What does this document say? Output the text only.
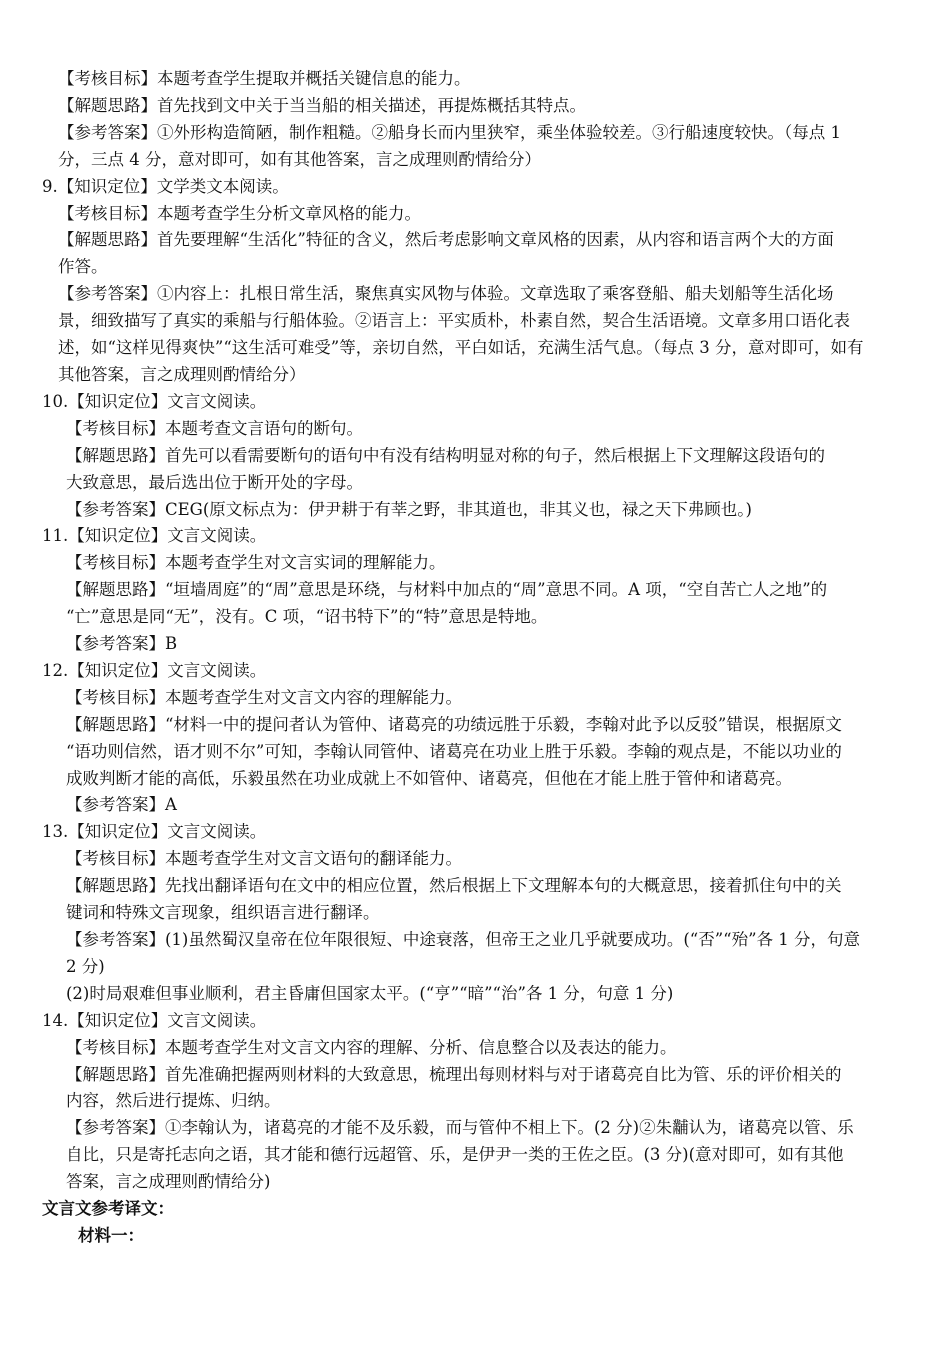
【考核目标】本题考查学生提取并概括关键信息的能力。
【解题思路】首先找到文中关于当当船的相关描述，再提炼概括其特点。
【参考答案】①外形构造简陋，制作粗糙。②船身长而内里狭窄，乘坐体验较差。③行船速度较快。（每点 1
分，三点 4 分，意对即可，如有其他答案，言之成理则酌情给分）
9.【知识定位】文学类文本阅读。
【考核目标】本题考查学生分析文章风格的能力。
【解题思路】首先要理解“生活化”特征的含义，然后考虑影响文章风格的因素，从内容和语言两个大的方面
作答。
【参考答案】①内容上：扎根日常生活，聚焦真实风物与体验。文章选取了乘客登船、船夫划船等生活化场
景，细致描写了真实的乘船与行船体验。②语言上：平实质朴，朴素自然，契合生活语境。文章多用口语化表
述，如“这样见得爽快”“这生活可难受”等，亲切自然，平白如话，充满生活气息。（每点 3 分，意对即可，如有
其他答案，言之成理则酌情给分）
10.【知识定位】文言文阅读。
【考核目标】本题考查文言语句的断句。
【解题思路】首先可以看需要断句的语句中有没有结构明显对称的句子，然后根据上下文理解这段语句的
大致意思，最后选出位于断开处的字母。
【参考答案】CEG(原文标点为：伊尹耕于有莘之野，非其道也，非其义也，禄之天下弗顾也。)
11.【知识定位】文言文阅读。
【考核目标】本题考查学生对文言实词的理解能力。
【解题思路】“垣墙周庭”的“周”意思是环绕，与材料中加点的“周”意思不同。A 项，“空自苦亡人之地”的
“亡”意思是同“无”，没有。C 项，“诏书特下”的“特”意思是特地。
【参考答案】B
12.【知识定位】文言文阅读。
【考核目标】本题考查学生对文言文内容的理解能力。
【解题思路】“材料一中的提问者认为管仲、诸葛亮的功绩远胜于乐毅，李翰对此予以反驳”错误，根据原文
“语功则信然，语才则不尔”可知，李翰认同管仲、诸葛亮在功业上胜于乐毅。李翰的观点是，不能以功业的
成败判断才能的高低，乐毅虽然在功业成就上不如管仲、诸葛亮，但他在才能上胜于管仲和诸葛亮。
【参考答案】A
13.【知识定位】文言文阅读。
【考核目标】本题考查学生对文言文语句的翻译能力。
【解题思路】先找出翻译语句在文中的相应位置，然后根据上下文理解本句的大概意思，接着抓住句中的关
键词和特殊文言现象，组织语言进行翻译。
【参考答案】(1)虽然蜀汉皇帝在位年限很短、中途衰落，但帝王之业几乎就要成功。(“否”“殆”各 1 分，句意
2 分)
(2)时局艰难但事业顺利，君主昏庸但国家太平。(“亨”“暗”“治”各 1 分，句意 1 分)
14.【知识定位】文言文阅读。
【考核目标】本题考查学生对文言文内容的理解、分析、信息整合以及表达的能力。
【解题思路】首先准确把握两则材料的大致意思，梳理出每则材料与对于诸葛亮自比为管、乐的评价相关的
内容，然后进行提炼、归纳。
【参考答案】①李翰认为，诸葛亮的才能不及乐毅，而与管仲不相上下。(2 分)②朱黼认为，诸葛亮以管、乐
自比，只是寄托志向之语，其才能和德行远超管、乐，是伊尹一类的王佐之臣。(3 分)(意对即可，如有其他
答案，言之成理则酌情给分)
文言文参考译文：
材料一：
